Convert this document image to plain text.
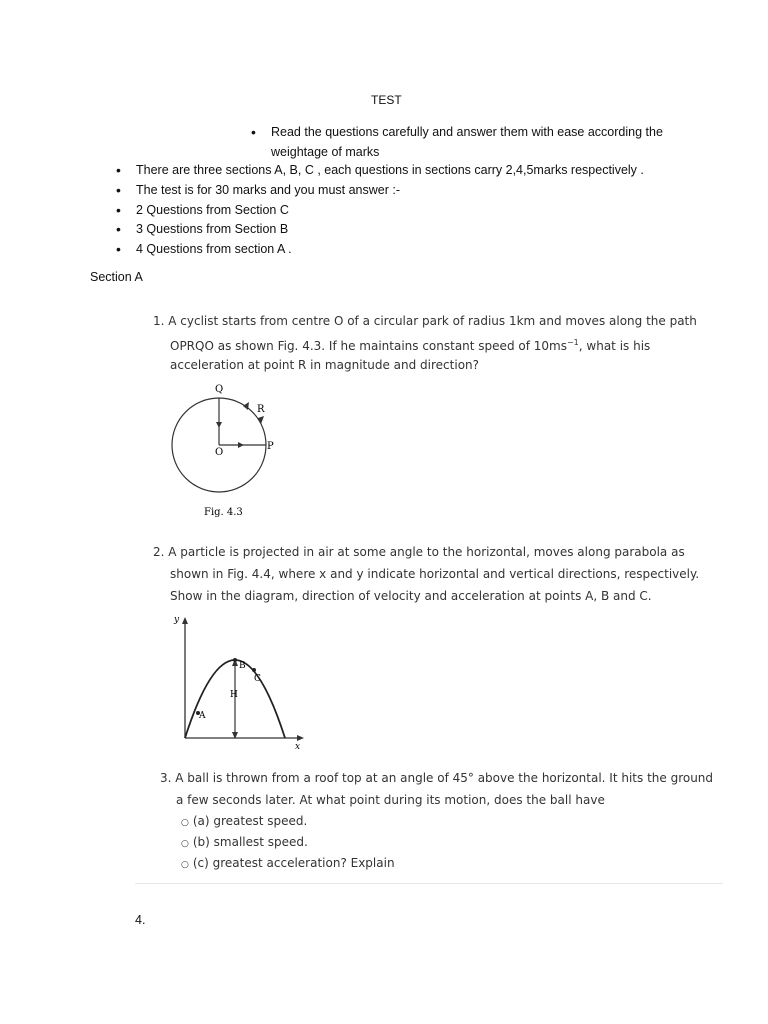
TEST
• Read the questions carefully and answer them with ease according the weightage of marks
• There are three sections A, B, C , each questions in sections carry 2,4,5marks respectively .
• The test is for 30 marks and you must answer :-
• 2 Questions from Section C
• 3 Questions from Section B
• 4 Questions from section A .
Section A
1. A cyclist starts from centre O of a circular park of radius 1km and moves along the path
OPRQO as shown Fig. 4.3. If he maintains constant speed of $10ms^{-1}$, what is his
acceleration at point R in magnitude and direction?
Q
R
P
O
Fig. 4.3
2. A particle is projected in air at some angle to the horizontal, moves along parabola as
shown in Fig. 4.4, where x and y indicate horizontal and vertical directions, respectively.
Show in the diagram, direction of velocity and acceleration at points A, B and C.
y
x
A
B
C
H
3. A ball is thrown from a roof top at an angle of 45° above the horizontal. It hits the ground
a few seconds later. At what point during its motion, does the ball have
○ (a) greatest speed.
○ (b) smallest speed.
○ (c) greatest acceleration? Explain
4.
